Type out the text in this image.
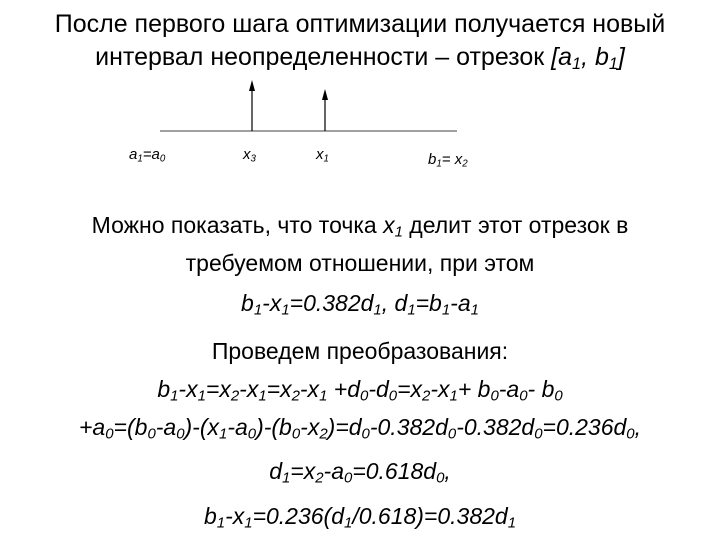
После первого шага оптимизации получается новый
интервал неопределенности – отрезок [$a_1$, $b_1$]
$a_1=a_0$	$x_3$	$x_1$	$b_1= x_2$
Можно показать, что точка $x_1$ делит этот отрезок в
требуемом отношении, при этом
$b_1-x_1=0.382d_1$, $d_1=b_1-a_1$
Проведем преобразования:
$b_1-x_1=x_2-x_1=x_2-x_1 +d_0-d_0=x_2-x_1+ b_0-a_0-$ $b_0$
$+a_0=(b_0-a_0)-(x_1-a_0)-(b_0-x_2)=d_0-0.382d_0-0.382d_0=0.236d_0$,
$d_1=x_2-a_0=0.618d_0$,
$b_1-x_1=0.236(d_1/0.618)=0.382d_1$
